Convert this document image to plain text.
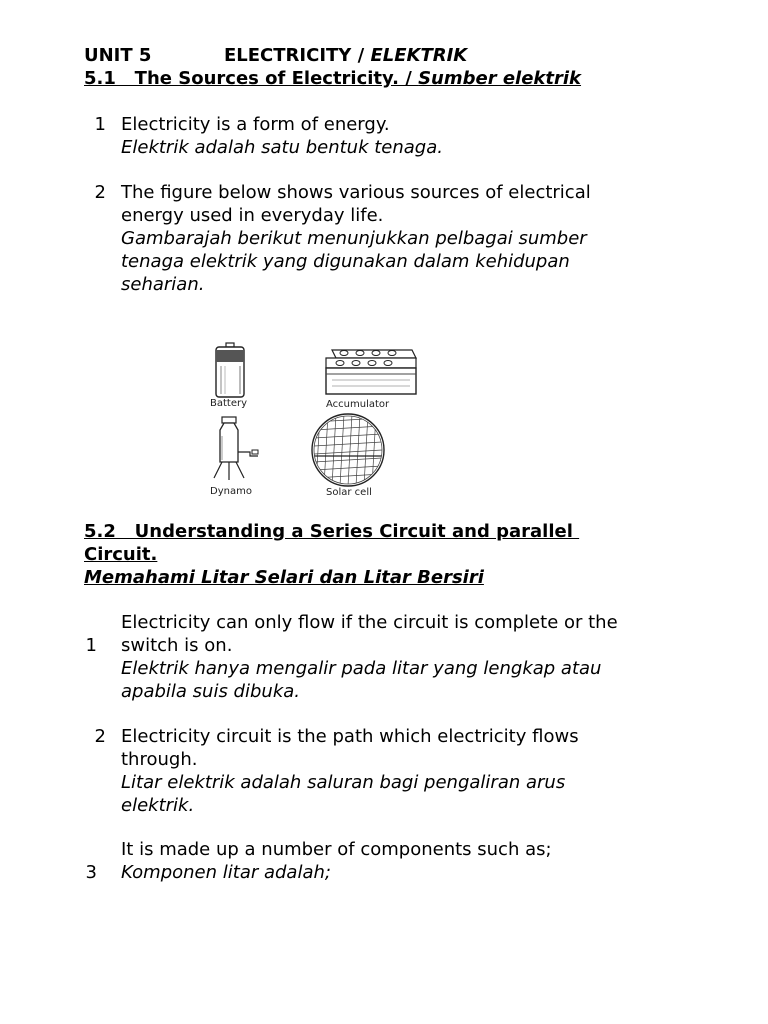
UNIT 5	ELECTRICITY / ELEKTRIK
5.1   The Sources of Electricity. / Sumber elektrik
1 Electricity is a form of energy.
Elektrik adalah satu bentuk tenaga.
2 The figure below shows various sources of electrical
energy used in everyday life.
Gambarajah berikut menunjukkan pelbagai sumber
tenaga elektrik yang digunakan dalam kehidupan
seharian.
Battery	Accumulator
Dynamo	Solar cell
5.2   Understanding a Series Circuit and parallel
Circuit.
Memahami Litar Selari dan Litar Bersiri
1
Electricity can only flow if the circuit is complete or the
switch is on.
Elektrik hanya mengalir pada litar yang lengkap atau
apabila suis dibuka.
2 Electricity circuit is the path which electricity flows
through.
Litar elektrik adalah saluran bagi pengaliran arus
elektrik.
3
It is made up a number of components such as;
Komponen litar adalah;
